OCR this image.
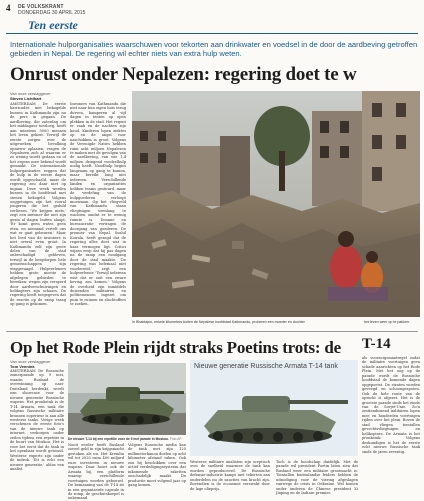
4 DE VOLKSKRANT
DONDERDAG 30 APRIL 2015
Ten eerste
Internationale hulporganisaties waarschuwen voor tekorten aan drinkwater en voedsel in de door de aardbeving getroffen gebieden in Nepal. De regering wil echter niets van extra hulp weten.
Onrust onder Nepalezen: regering doet te w
Van onze verslaggever
Steven Lichthart
AMSTERDAM De eerste barricades met bekogelde bussen in Kathmandu zijn nu de pers in gegaan. De aardbeving, die zaterdag om het middaguur toesloeg, heeft aan minstens 5000 mensen het leven gekost. Terwijl de eerste zorgen over de uitgeweken bevolking opnieuw oplaaien, vragen de Nepalezen zich af waarom er zo weinig wordt gedaan en of het ergens mee bekend wordt gemaakt. De internationale hulporganisaties zeggen dat de hulp in de eerste dagen wordt opgeschaald, maar de regering zou daar niet op ingaan. Deze week werden bussen in de hoofdstad met stenen bekogeld. Volgens ooggetuigen zijn het vooral jongeren die het geduld verliezen. 'We krijgen niets,' zegt een inwoner die met zijn gezin al dagen buiten slaapt. 'Er komt geen water, geen eten, en niemand vertelt ons wat er gaat gebeuren.' Maar het leed van de inwoners is niet overal even groot. In Kathmandu zelf zijn grote delen van de stad onbeschadigd gebleven, terwijl in de bergdorpen hele gemeenschappen zijn weggevaagd. Hulpverleners hebben grote moeite de afgelegen gebieden te bereiken: wegen zijn versperd door aardverschuivingen en helikopters zijn schaars. De regering heeft toegegeven dat de reactie op de ramp traag op gang is gekomen.
Inwoners van Kathmandu die niet naar hun eigen huis terug durven, kamperen al vijf dagen in tenten op open plekken in de stad. Het regent er vaak en de nachten zijn koud. Kinderen lopen ziektes op en de angst voor naschokken is groot. Volgens de Verenigde Naties hebben ruim acht miljoen Nepalezen te maken met de gevolgen van de aardbeving, van wie 1,4 miljoen dringend voedselhulp nodig heeft. Noodhulp begint langzaam op gang te komen, maar bereikt lang niet iedereen. Verschillende landen en organisaties hebben teams gestuurd, maar de verdeling van de hulpgoederen verloopt moeizaam. Op het vliegveld van Kathmandu staan vliegtuigen urenlang te wachten omdat er te weinig ruimte is. Douane en bureaucratie vertragen de doorgang van goederen. De premier van Nepal, Sushil Koirala, heeft gezegd dat de regering alles doet wat in haar vermogen ligt. Critici wijzen erop dat hij pas dagen na de ramp een rondgang door de stad maakte. 'De regering was helemaal niet voorbereid,' zegt een hulpverlener. 'Terwijl iedereen wist dat er ooit een zware beving zou komen.' Volgens de overheid zijn inmiddels duizenden militairen en politiemensen ingezet om puin te ruimen en slachtoffers te zoeken.
In Bhaktapur, enkele kilometers buiten de Nepalese hoofdstad Kathmandu, proberen een moeder en dochter	het leven weer op te pakken.
Op het Rode Plein rijdt straks Poetins trots: de T-14
Van onze verslaggever
Tom Vennink
AMSTERDAM De Russische zomerparade op 9 mei, waarin Rusland de overwinning op nazi-Duitsland herdenkt, wordt een showcase voor de nieuwe generatie Russische wapens. Het pronkstuk is de T-14 Armata, een tank die volgens Russische militaire bronnen superieur is aan alle westerse tanks. Vorige week verschenen de eerste foto's van de nieuwe tank op internet, verborgen onder zeilen tijdens een repetitie in de buurt van Moskou. Het is voor het eerst dat de tank in het openbaar wordt getoond. Westerse experts zijn onder de indruk. 'Dit is echt een nieuwe generatie,' aldus een analist.
De nieuwe T-14 bij een repetitie voor de 9 mei parade in Moskou. Foto AP
Nooit eerder heeft Rusland zoveel geld in zijn krijgsmacht gestoken als nu. Het Kremlin wil tot 2020 ruim 400 miljard euro investeren in nieuwe wapens. Daar hoort ook de Armata bij, een platform waarop verschillende voertuigen worden gebouwd. De bemanning van de T-14 zit in een gepantserde capsule in de romp, de geschutskoepel is onbemand.
Volgens Russische media kan de tank met zijn 125 millimeterkanon doelen op acht kilometer afstand raken. Ook zou hij beschikken over een actief verdedigingssysteem dat inkomende raketten onschadelijk maakt. De productie moet volgend jaar op gang komen.
Nieuwe generatie Russische Armata T-14 tank
Westerse militaire analisten zijn sceptisch over de snelheid waarmee de tank kan worden geproduceerd. De Russische defensie-industrie kampt met tekorten aan onderdelen nu de sancties van kracht zijn. Bovendien is de economie verzwakt door de lage olieprijs.
Toch is de boodschap duidelijk. Met de parade wil president Poetin laten zien dat Rusland weer een militaire grootmacht is. Tientallen buitenlandse leiders hebben de uitnodiging voor de viering afgeslagen vanwege de crisis in Oekraïne. Wel komen onder anderen de Chinese president Xi Jinping en de Indiase premier.
als voorzorgsmaatregel zodat de militaire voertuigen geen schade aanrichten op het Rode Plein. Met het oog op de parade wordt de Russische hoofdstad de komende dagen opgepoetst. De straten worden geveegd en schoongespoten. Ook de hele route van de optocht is afgezet. Het is de grootste parade sinds het einde van de Sovjet-Unie. Zo'n zestienduizend militairen lopen mee en honderden voertuigen rijden over het plein. Boven de stad vliegen tientallen gevechtsvliegtuigen en helikopters. De Armata is het pronkstuk. Volgens deskundigen is het de eerste echt nieuwe Russische tank sinds de jaren zeventig.
